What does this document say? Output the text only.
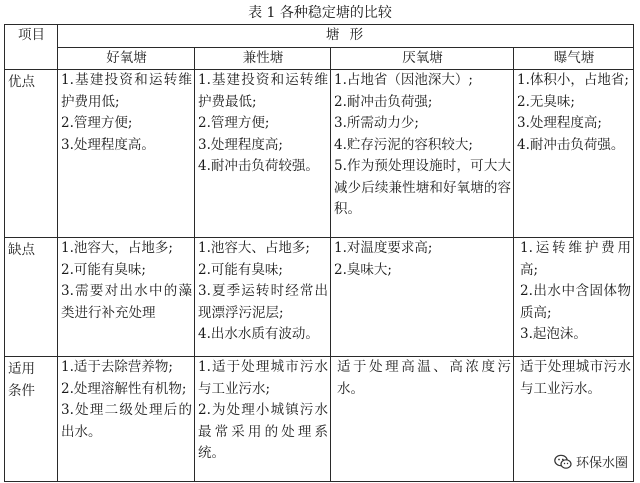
表 1 各种稳定塘的比较
项目	塘 形			
	好氧塘	兼性塘	厌氧塘	曝气塘
优点	1.基建投资和运转维护费用低;
2.管理方便;
3.处理程度高。	1.基建投资和运转维护费最低;
2.管理方便;
3.处理程度高;
4.耐冲击负荷较强。	1.占地省（因池深大）;
2.耐冲击负荷强;
3.所需动力少;
4.贮存污泥的容积较大;
5.作为预处理设施时，可大大减少后续兼性塘和好氧塘的容积。	1.体积小，占地省;
2.无臭味;
3.处理程度高;
4.耐冲击负荷强。

缺点	1.池容大，占地多;
2.可能有臭味;
3.需要对出水中的藻类进行补充处理	1.池容大、占地多;
2.可能有臭味;
3.夏季运转时经常出现漂浮污泥层;
4.出水水质有波动。	1.对温度要求高;
2.臭味大;	1.运转维护费用高;
2.出水中含固体物质高;
3.起泡沫。

适用条件	1.适于去除营养物;
2.处理溶解性有机物;
3.处理二级处理后的出水。	1.适于处理城市污水与工业污水;
2.为处理小城镇污水最常采用的处理系统。	适于处理高温、高浓度污水。	适于处理城市污水与工业污水。
环保水圈
